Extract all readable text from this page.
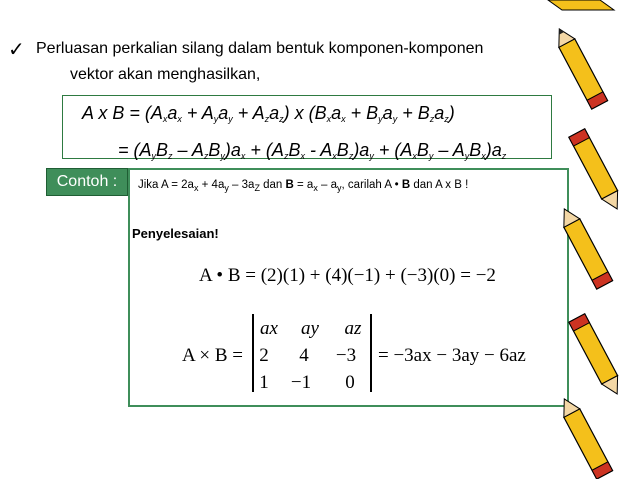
✓ Perluasan perkalian silang dalam bentuk komponen-komponen
vektor akan menghasilkan,
A x $B = (A_xa_x + A_ya_y + A_za_z)$ x $(B_xa_x + B_ya_y + B_za_z)$
= $(A_yB_z - A_zB_y)a_x + (A_zB_x - A_xB_z)a_y + (A_xB_y - A_yB_x)a_z$
Contoh :	Jika $A = 2a_x + 4a_y - 3a_Z$ dan $B = a_x - a_y$, carilah A • B dan A x B !
Penyelesaian!
A • B = (2)(1) + (4)(−1) + (−3)(0) = −2
A × B =
ax	ay	az
2	4	−3
1	−1	0
= −3ax − 3ay − 6az
